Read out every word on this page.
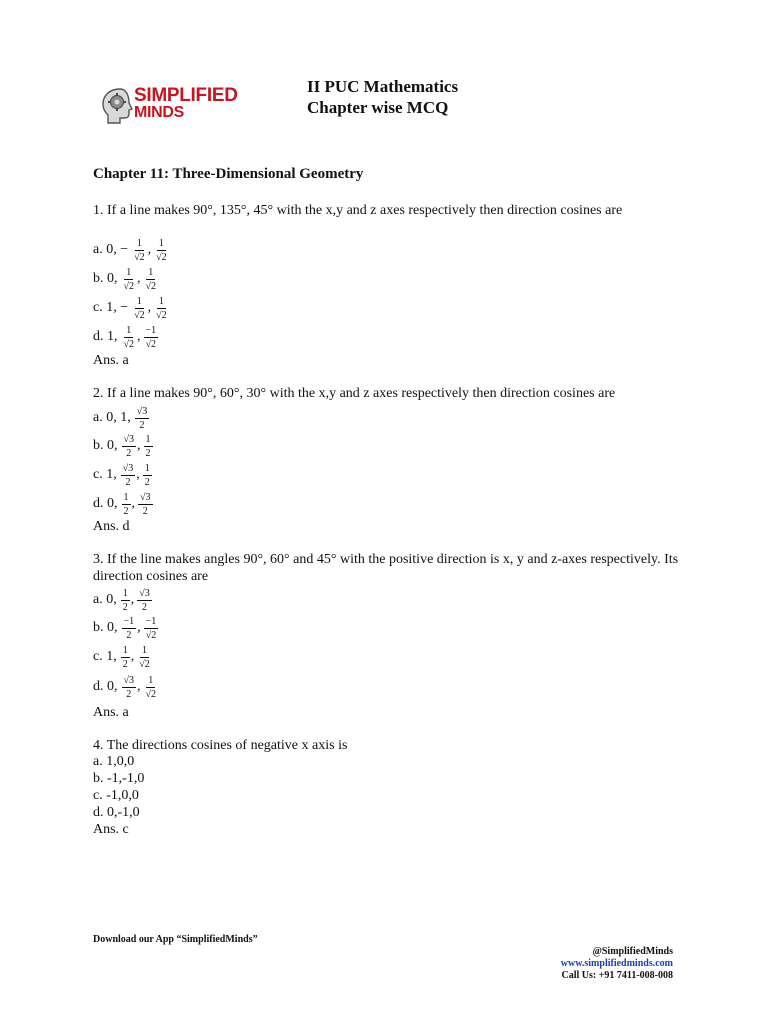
SIMPLIFIED
MINDS
II PUC Mathematics
Chapter wise MCQ
Chapter 11: Three-Dimensional Geometry
1. If a line makes 90°, 135°, 45° with the x,y and z axes respectively then direction cosines are
a. 0, − $\frac{1}{√2}$ , $\frac{1}{√2}$
b. 0, $\frac{1}{√2}$ , $\frac{1}{√2}$
c. 1, − $\frac{1}{√2}$ , $\frac{1}{√2}$
d. 1, $\frac{1}{√2}$ , $\frac{-1}{√2}$
Ans. a
2. If a line makes 90°, 60°, 30° with the x,y and z axes respectively then direction cosines are
a. 0, 1, $\frac{√3}{2}$
b. 0, $\frac{√3}{2}$ , $\frac{1}{2}$
c. 1, $\frac{√3}{2}$ , $\frac{1}{2}$
d. 0, $\frac{1}{2}$ , $\frac{√3}{2}$
Ans. d
3. If the line makes angles 90°, 60° and 45° with the positive direction is x, y and z-axes respectively. Its direction cosines are
a. 0, $\frac{1}{2}$ , $\frac{√3}{2}$
b. 0, $\frac{-1}{2}$ , $\frac{-1}{√2}$
c. 1, $\frac{1}{2}$ , $\frac{1}{√2}$
d. 0, $\frac{√3}{2}$ , $\frac{1}{√2}$
Ans. a
4. The directions cosines of negative x axis is
a. 1,0,0
b. -1,-1,0
c. -1,0,0
d. 0,-1,0
Ans. c
Download our App “SimplifiedMinds”
@SimplifiedMinds
www.simplifiedminds.com
Call Us: +91 7411-008-008
